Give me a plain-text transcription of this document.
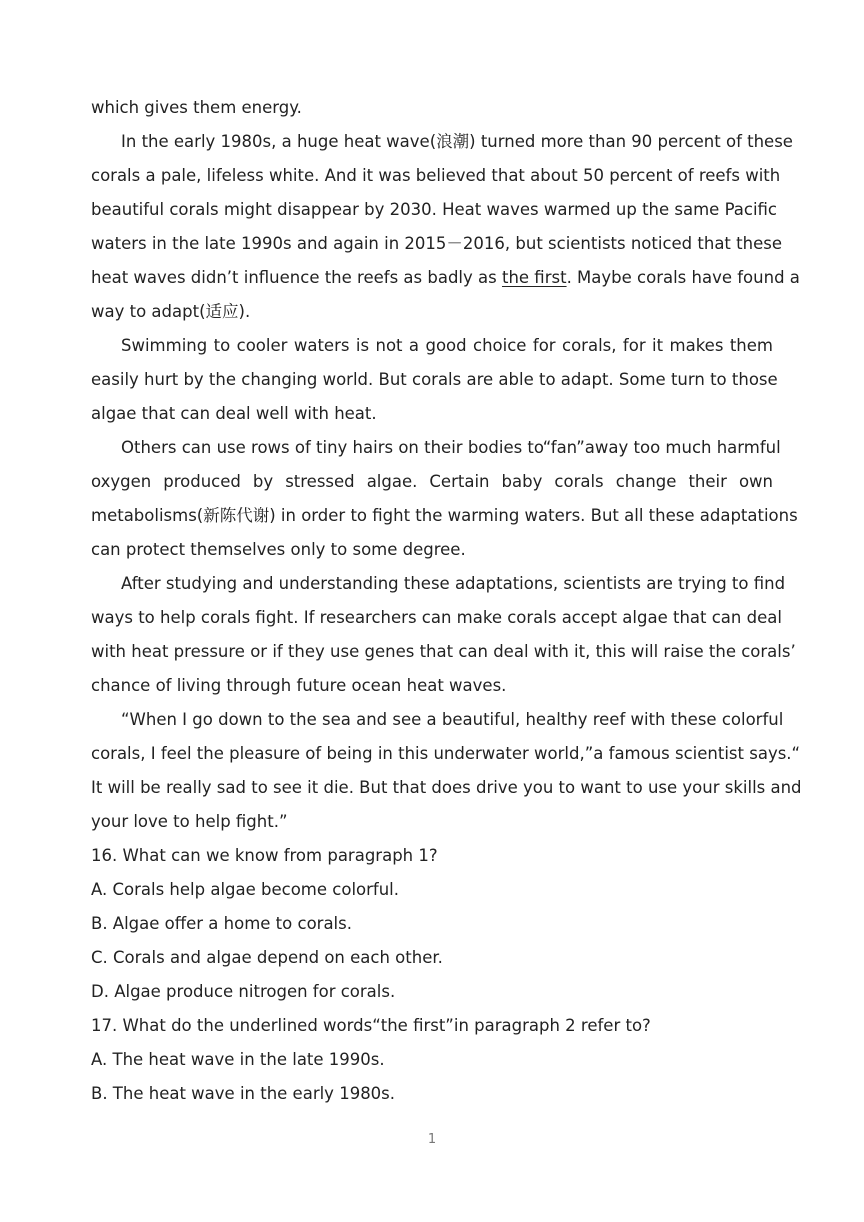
which gives them energy.
In the early 1980s, a huge heat wave(浪潮) turned more than 90 percent of these
corals a pale, lifeless white. And it was believed that about 50 percent of reefs with
beautiful corals might disappear by 2030. Heat waves warmed up the same Pacific
waters in the late 1990s and again in 2015－2016, but scientists noticed that these
heat waves didn’t influence the reefs as badly as the first. Maybe corals have found a
way to adapt(适应).
Swimming to cooler waters is not a good choice for corals, for it makes them
easily hurt by the changing world. But corals are able to adapt. Some turn to those
algae that can deal well with heat.
Others can use rows of tiny hairs on their bodies to“fan”away too much harmful
oxygen produced by stressed algae. Certain baby corals change their own
metabolisms(新陈代谢) in order to fight the warming waters. But all these adaptations
can protect themselves only to some degree.
After studying and understanding these adaptations, scientists are trying to find
ways to help corals fight. If researchers can make corals accept algae that can deal
with heat pressure or if they use genes that can deal with it, this will raise the corals’
chance of living through future ocean heat waves.
“When I go down to the sea and see a beautiful, healthy reef with these colorful
corals, I feel the pleasure of being in this underwater world,”a famous scientist says.“
It will be really sad to see it die. But that does drive you to want to use your skills and
your love to help fight.”
16. What can we know from paragraph 1?
A. Corals help algae become colorful.
B. Algae offer a home to corals.
C. Corals and algae depend on each other.
D. Algae produce nitrogen for corals.
17. What do the underlined words“the first”in paragraph 2 refer to?
A. The heat wave in the late 1990s.
B. The heat wave in the early 1980s.
1
